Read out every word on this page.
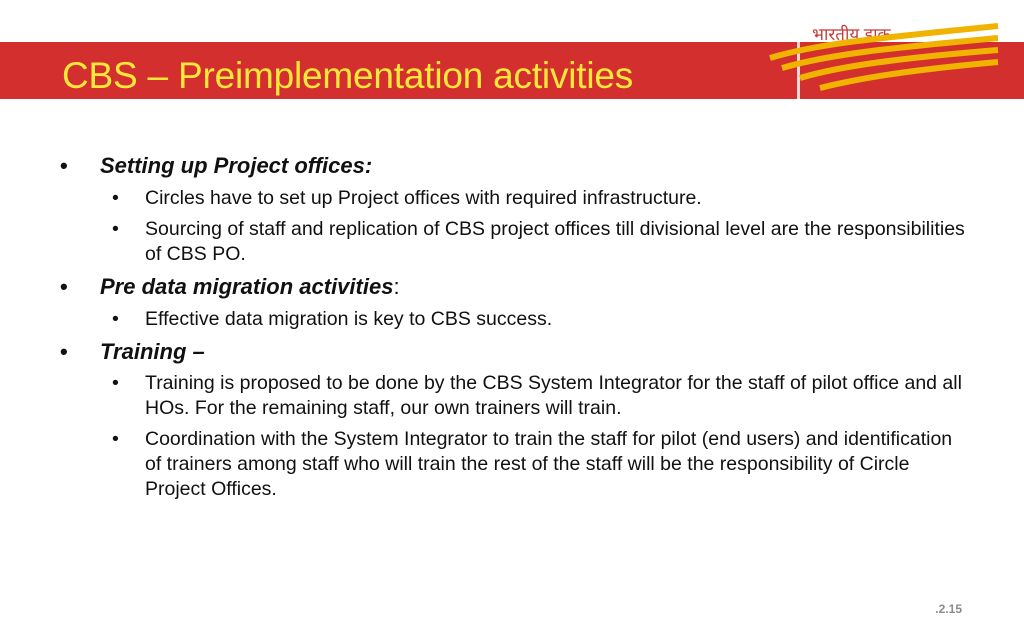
CBS – Preimplementation activities
भारतीय डाक
• Setting up Project offices:
• Circles have to set up Project offices with required infrastructure.
• Sourcing of staff and replication of CBS project offices till divisional level are the responsibilities of CBS PO.
• Pre data migration activities:
• Effective data migration is key to CBS success.
• Training –
• Training is proposed to be done by the CBS System Integrator for the staff of pilot office and all HOs. For the remaining staff, our own trainers will train.
• Coordination with the System Integrator to train the staff for pilot (end users) and identification of trainers among staff who will train the rest of the staff will be the responsibility of Circle Project Offices.
.2.15
